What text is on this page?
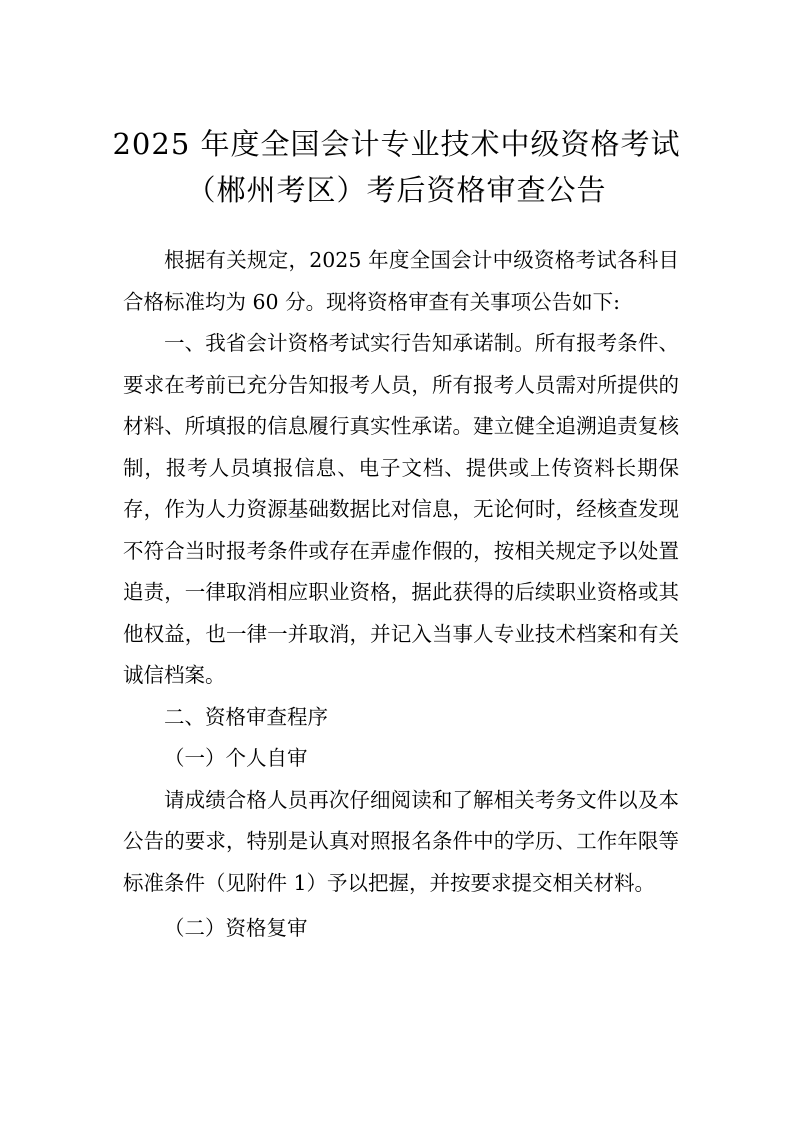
2025 年度全国会计专业技术中级资格考试
（郴州考区）考后资格审查公告

根据有关规定，2025 年度全国会计中级资格考试各科目合格标准均为 60 分。现将资格审查有关事项公告如下:

一、我省会计资格考试实行告知承诺制。所有报考条件、要求在考前已充分告知报考人员，所有报考人员需对所提供的材料、所填报的信息履行真实性承诺。建立健全追溯追责复核制，报考人员填报信息、电子文档、提供或上传资料长期保存，作为人力资源基础数据比对信息，无论何时，经核查发现不符合当时报考条件或存在弄虚作假的，按相关规定予以处置追责，一律取消相应职业资格，据此获得的后续职业资格或其他权益，也一律一并取消，并记入当事人专业技术档案和有关诚信档案。

二、资格审查程序

（一）个人自审

请成绩合格人员再次仔细阅读和了解相关考务文件以及本公告的要求，特别是认真对照报名条件中的学历、工作年限等标准条件（见附件 1）予以把握，并按要求提交相关材料。

（二）资格复审
